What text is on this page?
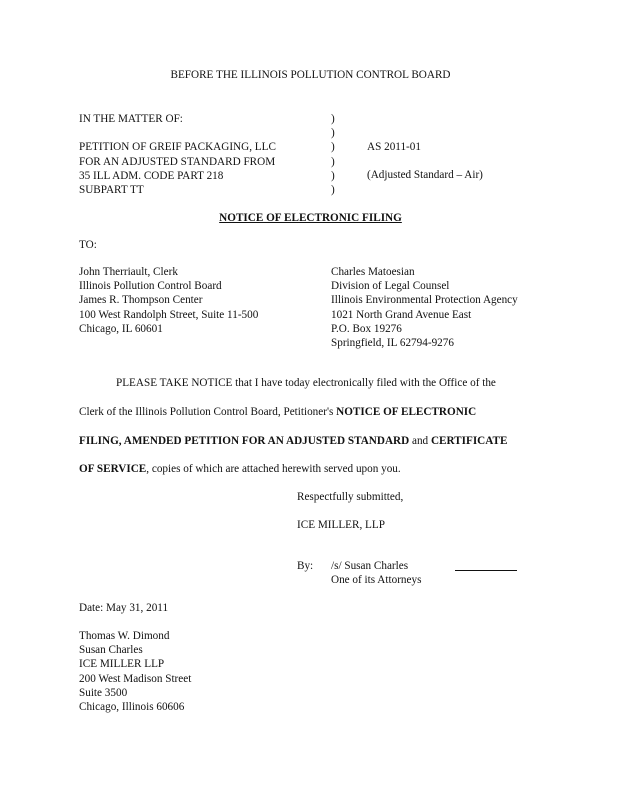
BEFORE THE ILLINOIS POLLUTION CONTROL BOARD
IN THE MATTER OF:

PETITION OF GREIF PACKAGING, LLC
FOR AN ADJUSTED STANDARD FROM
35 ILL ADM. CODE PART 218
SUBPART TT
)
)
)
)
)
)
AS 2011-01
(Adjusted Standard – Air)
NOTICE OF ELECTRONIC FILING
TO:
John Therriault, Clerk
Illinois Pollution Control Board
James R. Thompson Center
100 West Randolph Street, Suite 11-500
Chicago, IL 60601
Charles Matoesian
Division of Legal Counsel
Illinois Environmental Protection Agency
1021 North Grand Avenue East
P.O. Box 19276
Springfield, IL 62794-9276
PLEASE TAKE NOTICE that I have today electronically filed with the Office of the
Clerk of the Illinois Pollution Control Board, Petitioner's NOTICE OF ELECTRONIC
FILING, AMENDED PETITION FOR AN ADJUSTED STANDARD and CERTIFICATE
OF SERVICE, copies of which are attached herewith served upon you.
Respectfully submitted,
ICE MILLER, LLP
By: /s/ Susan Charles
One of its Attorneys
Date: May 31, 2011
Thomas W. Dimond
Susan Charles
ICE MILLER LLP
200 West Madison Street
Suite 3500
Chicago, Illinois 60606
